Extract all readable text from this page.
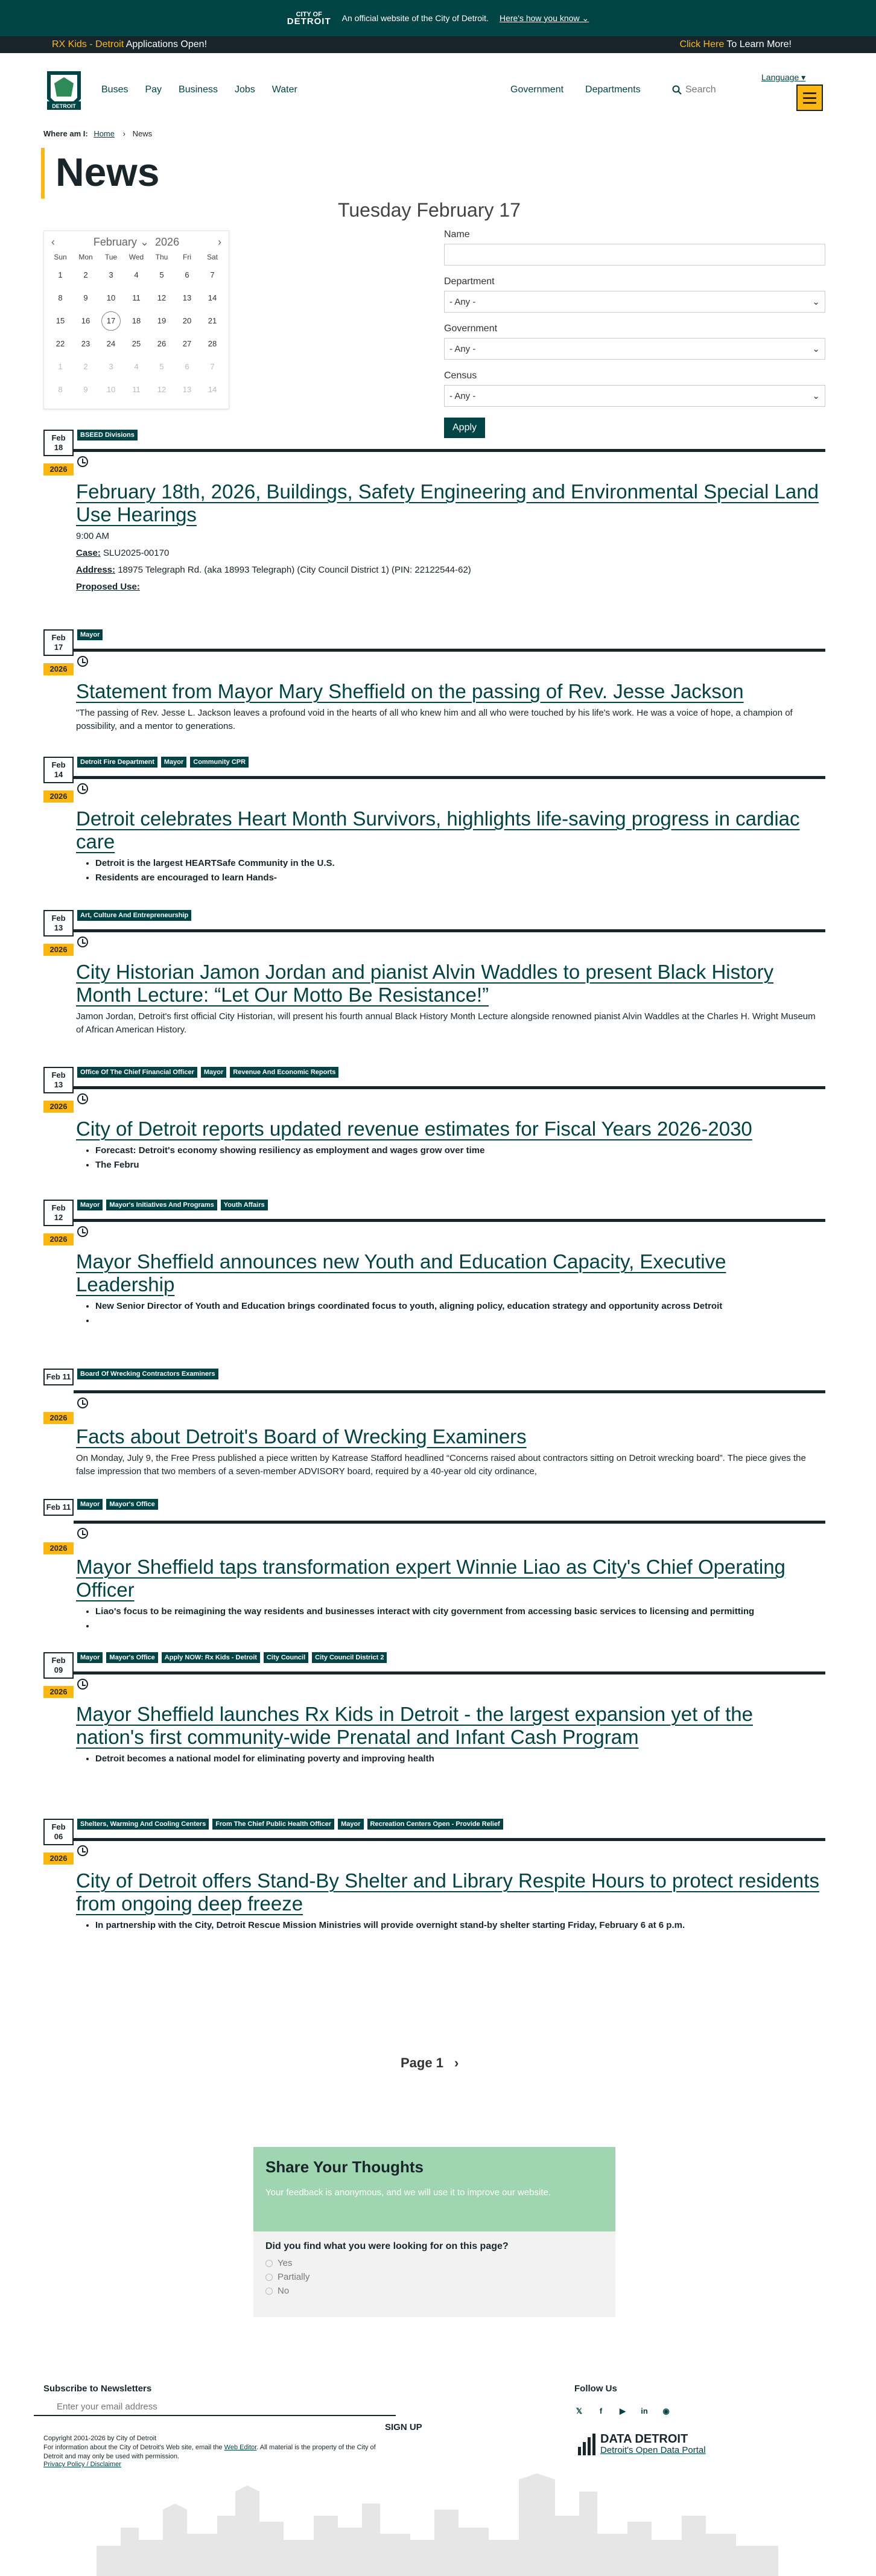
CITY OF
DETROIT An official website of the City of Detroit. Here's how you know ⌄
RX Kids - Detroit Applications Open!	Click Here To Learn More!
DETROIT
Buses Pay Business Jobs Water	Government Departments	Search
Language ▾
Where am I: Home › News
News
Tuesday February 17
‹	February ⌄ 2026	›
Sun	Mon	Tue	Wed	Thu	Fri	Sat
1	2	3	4	5	6	7
8	9	10	11	12	13	14
15	16	17	18	19	20	21
22	23	24	25	26	27	28
1	2	3	4	5	6	7
8	9	10	11	12	13	14
Name
Department
- Any -	⌄
Government
- Any -	⌄
Census
- Any -	⌄
Apply
Feb
18
2026
BSEED Divisions
February 18th, 2026, Buildings, Safety Engineering and Environmental Special Land Use Hearings

9:00 AM

Case: SLU2025-00170

Address: 18975 Telegraph Rd. (aka 18993 Telegraph) (City Council District 1) (PIN: 22122544-62)

Proposed Use:

Feb
17
2026
Mayor
Statement from Mayor Mary Sheffield on the passing of Rev. Jesse Jackson

"The passing of Rev. Jesse L. Jackson leaves a profound void in the hearts of all who knew him and all who were touched by his life's work. He was a voice of hope, a champion of possibility, and a mentor to generations.

Feb
14
2026
Detroit Fire Department	Mayor	Community CPR
Detroit celebrates Heart Month Survivors, highlights life-saving progress in cardiac care
• Detroit is the largest HEARTSafe Community in the U.S.
• Residents are encouraged to learn Hands-
Feb
13
2026
Art, Culture And Entrepreneurship
City Historian Jamon Jordan and pianist Alvin Waddles to present Black History Month Lecture: “Let Our Motto Be Resistance!”

Jamon Jordan, Detroit's first official City Historian, will present his fourth annual Black History Month Lecture alongside renowned pianist Alvin Waddles at the Charles H. Wright Museum of African American History.

Feb
13
2026
Office Of The Chief Financial Officer	Mayor	Revenue And Economic Reports
City of Detroit reports updated revenue estimates for Fiscal Years 2026-2030
• Forecast: Detroit's economy showing resiliency as employment and wages grow over time
• The Febru
Feb
12
2026
Mayor	Mayor's Initiatives And Programs	Youth Affairs
Mayor Sheffield announces new Youth and Education Capacity, Executive Leadership
• New Senior Director of Youth and Education brings coordinated focus to youth, aligning policy, education strategy and opportunity across Detroit
•
Feb 11
2026
Board Of Wrecking Contractors Examiners
Facts about Detroit's Board of Wrecking Examiners

On Monday, July 9, the Free Press published a piece written by Katrease Stafford headlined “Concerns raised about contractors sitting on Detroit wrecking board”. The piece gives the false impression that two members of a seven-member ADVISORY board, required by a 40-year old city ordinance,

Feb 11
2026
Mayor	Mayor's Office
Mayor Sheffield taps transformation expert Winnie Liao as City's Chief Operating Officer
• Liao's focus to be reimagining the way residents and businesses interact with city government from accessing basic services to licensing and permitting
•
Feb
09
2026
Mayor	Mayor's Office	Apply NOW: Rx Kids - Detroit	City Council	City Council District 2
Mayor Sheffield launches Rx Kids in Detroit - the largest expansion yet of the nation's first community-wide Prenatal and Infant Cash Program
• Detroit becomes a national model for eliminating poverty and improving health
Feb
06
2026
Shelters, Warming And Cooling Centers	From The Chief Public Health Officer	Mayor	Recreation Centers Open - Provide Relief
City of Detroit offers Stand-By Shelter and Library Respite Hours to protect residents from ongoing deep freeze
• In partnership with the City, Detroit Rescue Mission Ministries will provide overnight stand-by shelter starting Friday, February 6 at 6 p.m.
Page 1 ›
Share Your Thoughts

Your feedback is anonymous, and we will use it to improve our website.

Did you find what you were looking for on this page?
Yes
Partially
No
Subscribe to Newsletters
Enter your email address
SIGN UP
Copyright 2001-2026 by City of Detroit
For information about the City of Detroit's Web site, email the Web Editor. All material is the property of the City of Detroit and may only be used with permission.
Privacy Policy / Disclaimer
Follow Us
𝕏	f	▶	in	◉
DATA DETROIT
Detroit's Open Data Portal
